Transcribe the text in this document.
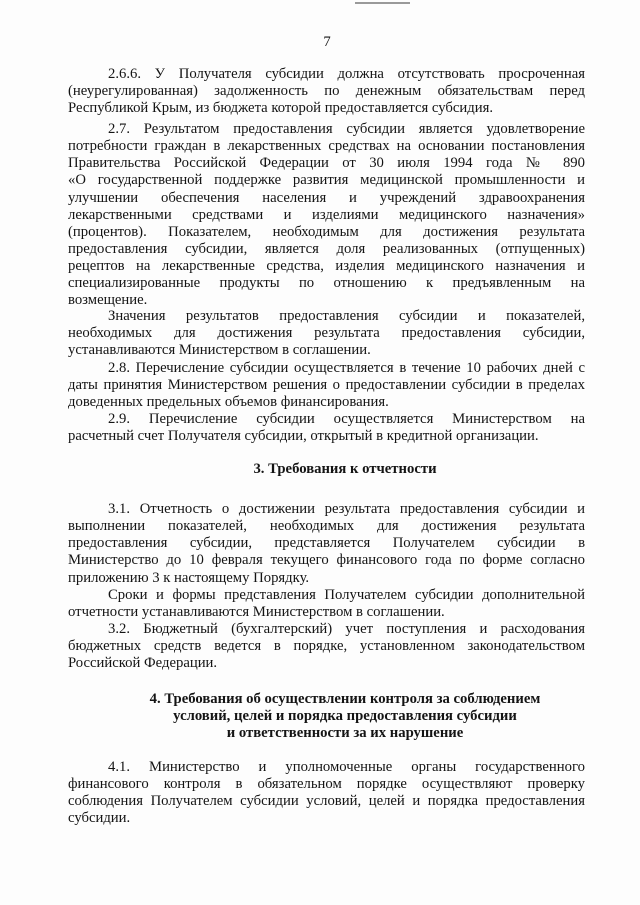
7
2.6.6. У Получателя субсидии должна отсутствовать просроченная
(неурегулированная) задолженность по денежным обязательствам перед
Республикой Крым, из бюджета которой предоставляется субсидия.
2.7. Результатом предоставления субсидии является удовлетворение
потребности граждан в лекарственных средствах на основании постановления
Правительства Российской Федерации от 30 июля 1994 года № 890
«О государственной поддержке развития медицинской промышленности и
улучшении обеспечения населения и учреждений здравоохранения
лекарственными средствами и изделиями медицинского назначения»
(процентов). Показателем, необходимым для достижения результата
предоставления субсидии, является доля реализованных (отпущенных)
рецептов на лекарственные средства, изделия медицинского назначения и
специализированные продукты по отношению к предъявленным на
возмещение.
Значения результатов предоставления субсидии и показателей,
необходимых для достижения результата предоставления субсидии,
устанавливаются Министерством в соглашении.
2.8. Перечисление субсидии осуществляется в течение 10 рабочих дней с
даты принятия Министерством решения о предоставлении субсидии в пределах
доведенных предельных объемов финансирования.
2.9. Перечисление субсидии осуществляется Министерством на
расчетный счет Получателя субсидии, открытый в кредитной организации.
3. Требования к отчетности
3.1. Отчетность о достижении результата предоставления субсидии и
выполнении показателей, необходимых для достижения результата
предоставления субсидии, представляется Получателем субсидии в
Министерство до 10 февраля текущего финансового года по форме согласно
приложению 3 к настоящему Порядку.
Сроки и формы представления Получателем субсидии дополнительной
отчетности устанавливаются Министерством в соглашении.
3.2. Бюджетный (бухгалтерский) учет поступления и расходования
бюджетных средств ведется в порядке, установленном законодательством
Российской Федерации.
4. Требования об осуществлении контроля за соблюдением
условий, целей и порядка предоставления субсидии
и ответственности за их нарушение
4.1. Министерство и уполномоченные органы государственного
финансового контроля в обязательном порядке осуществляют проверку
соблюдения Получателем субсидии условий, целей и порядка предоставления
субсидии.
